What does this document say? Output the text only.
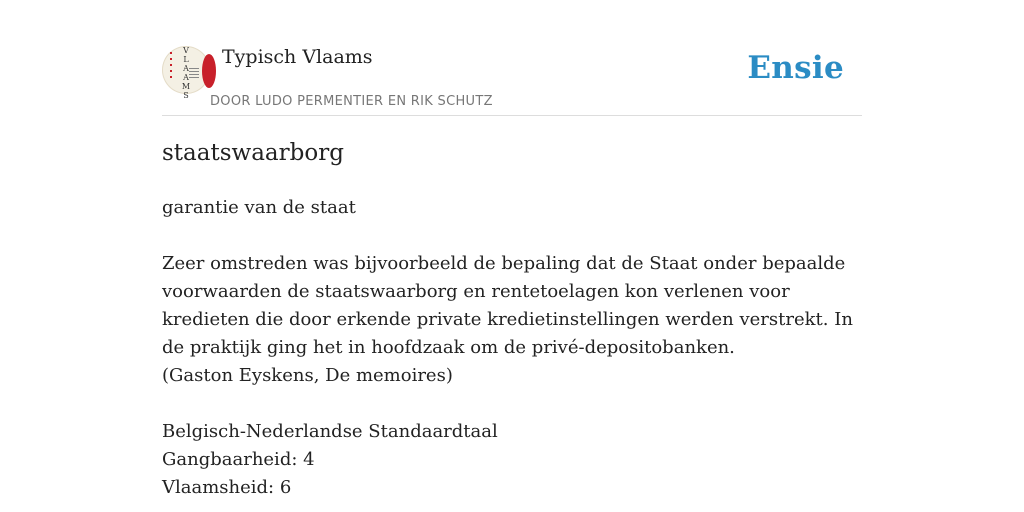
V
L
A
A
M
S
Typisch Vlaams
DOOR LUDO PERMENTIER EN RIK SCHUTZ
Ensie
staatswaarborg
garantie van de staat
Zeer omstreden was bijvoorbeeld de bepaling dat de Staat onder bepaalde voorwaarden de staatswaarborg en rentetoelagen kon verlenen voor kredieten die door erkende private kredietinstellingen werden verstrekt. In de praktijk ging het in hoofdzaak om de privé-depositobanken.
(Gaston Eyskens, De memoires)
Belgisch-Nederlandse Standaardtaal
Gangbaarheid: 4
Vlaamsheid: 6
